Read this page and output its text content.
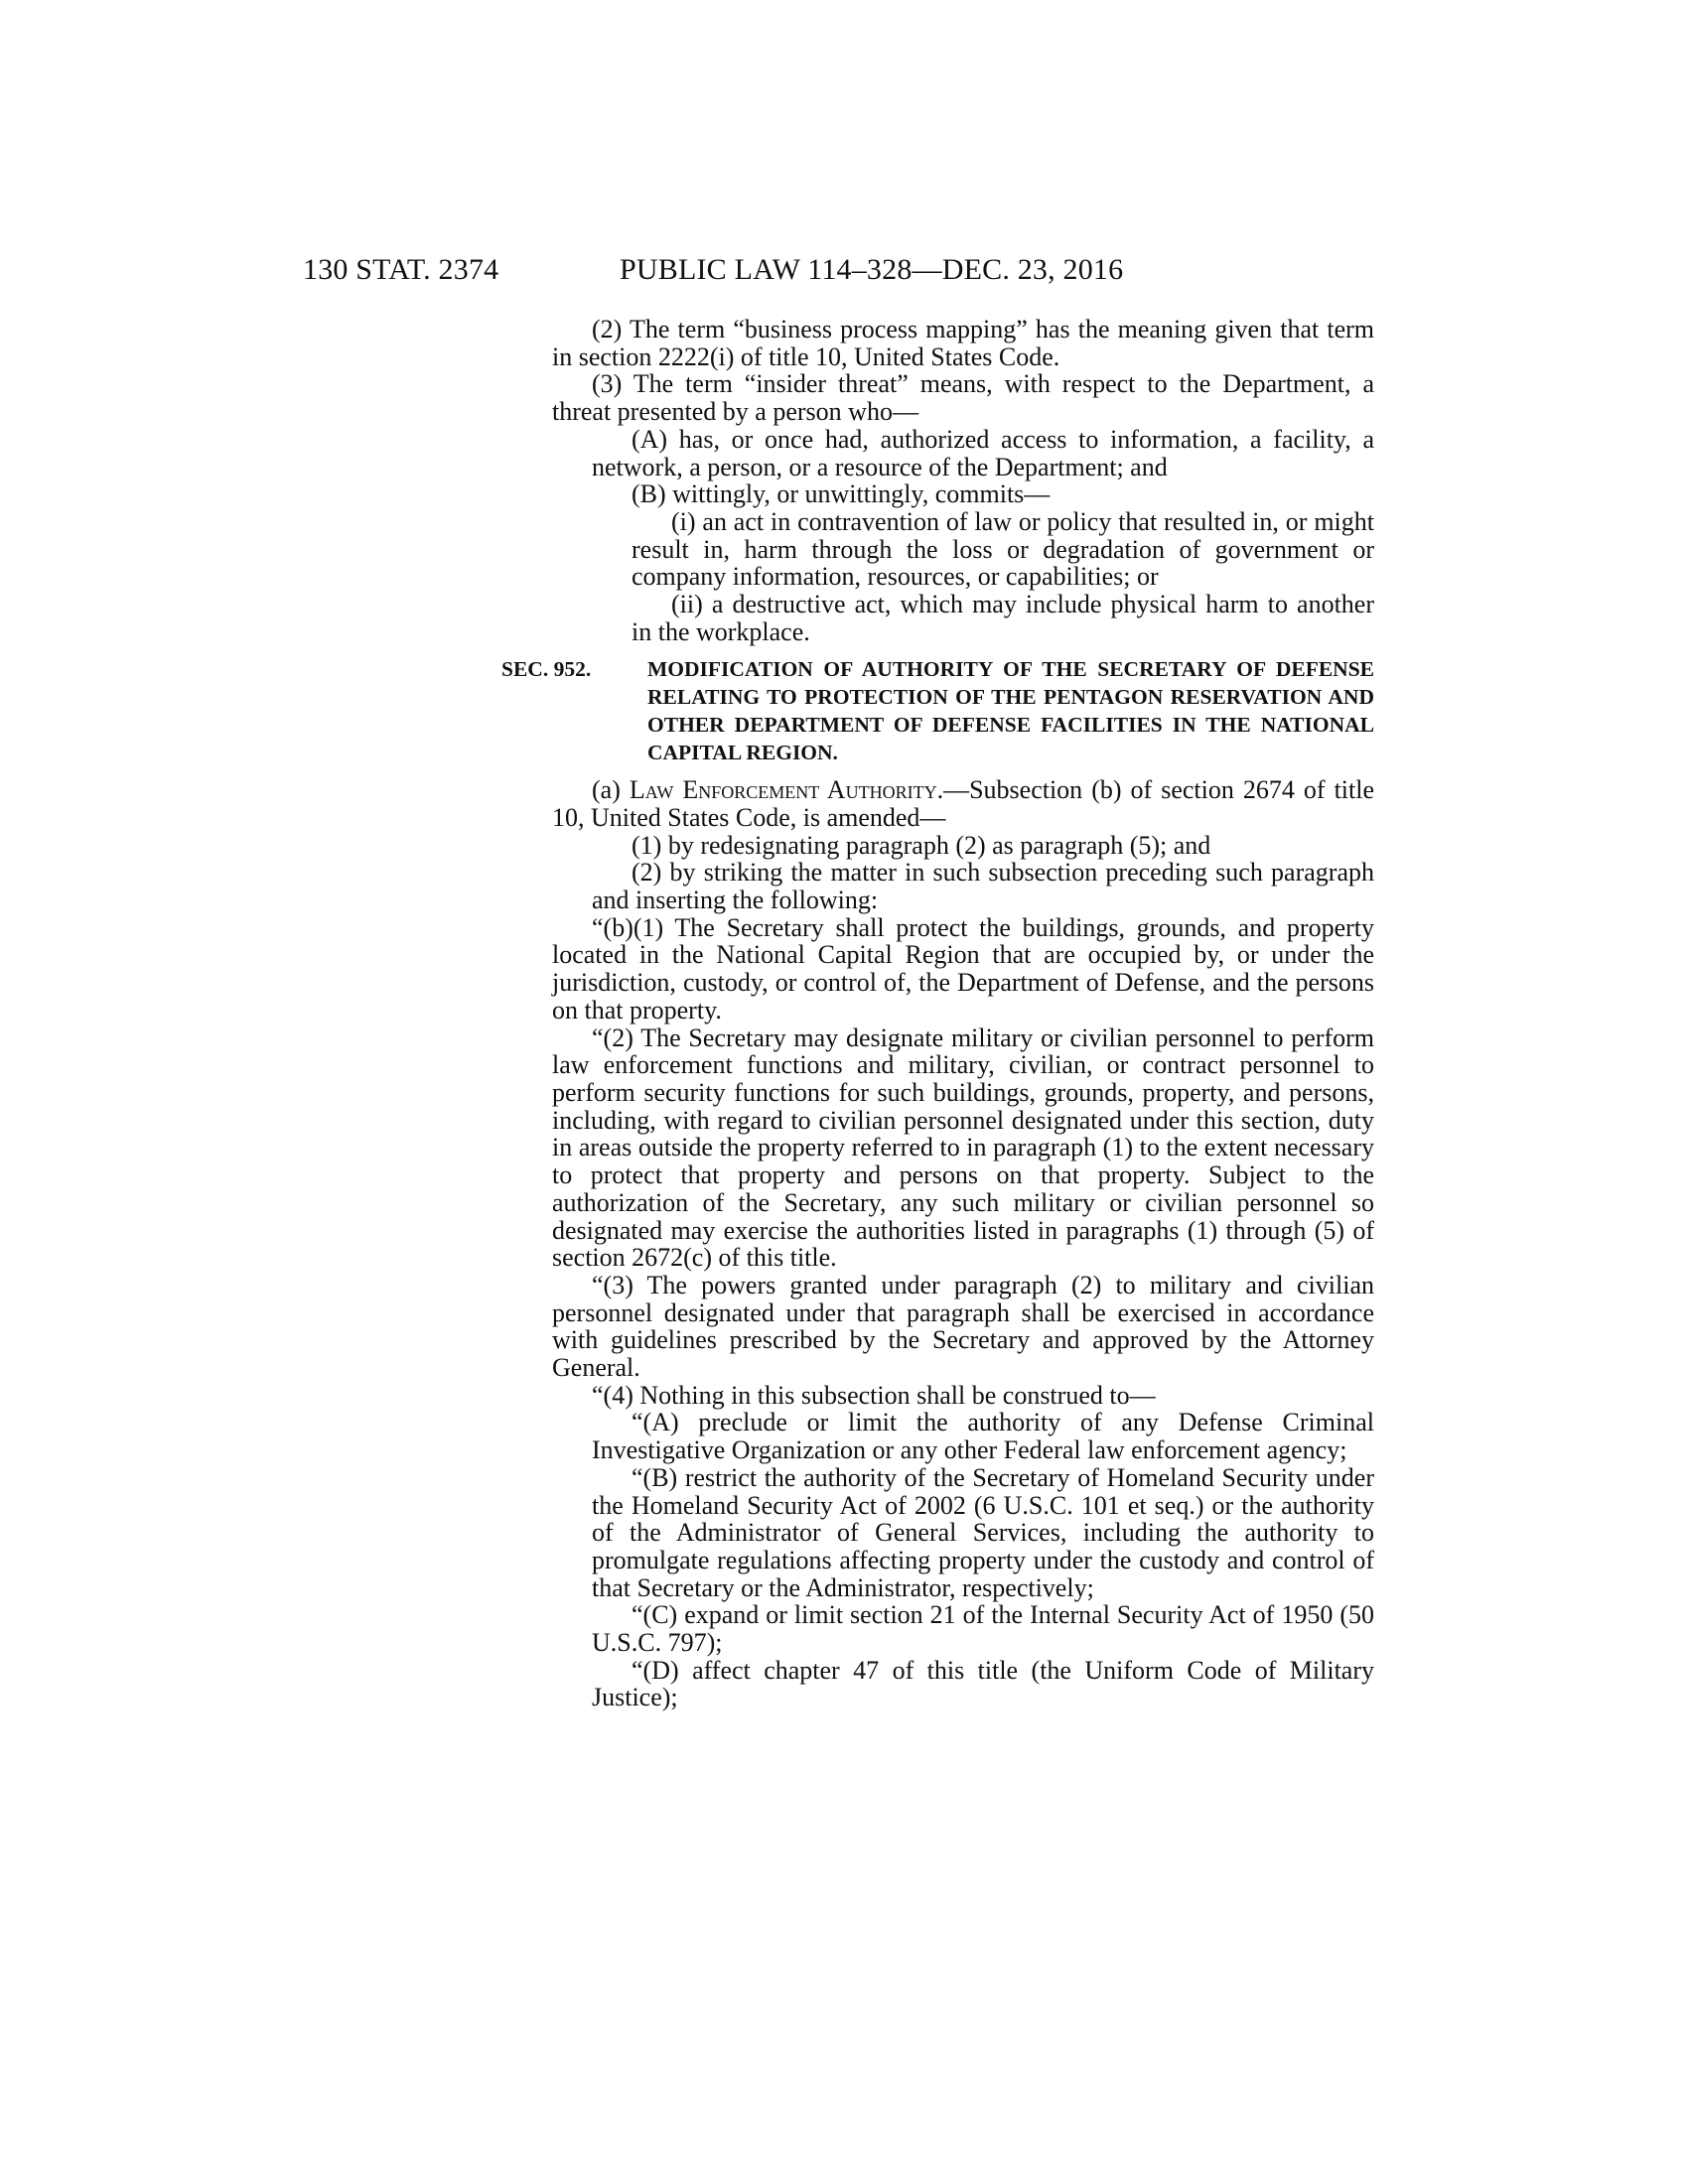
130 STAT. 2374	PUBLIC LAW 114–328—DEC. 23, 2016

(2) The term “business process mapping” has the meaning given that term in section 2222(i) of title 10, United States Code.

(3) The term “insider threat” means, with respect to the Department, a threat presented by a person who—

(A) has, or once had, authorized access to information, a facility, a network, a person, or a resource of the Department; and

(B) wittingly, or unwittingly, commits—

(i) an act in contravention of law or policy that resulted in, or might result in, harm through the loss or degradation of government or company information, resources, or capabilities; or

(ii) a destructive act, which may include physical harm to another in the workplace.

SEC. 952.	MODIFICATION OF AUTHORITY OF THE SECRETARY OF DEFENSE RELATING TO PROTECTION OF THE PENTAGON RESERVATION AND OTHER DEPARTMENT OF DEFENSE FACILITIES IN THE NATIONAL CAPITAL REGION.

(a) Law Enforcement Authority.—Subsection (b) of section 2674 of title 10, United States Code, is amended—

(1) by redesignating paragraph (2) as paragraph (5); and

(2) by striking the matter in such subsection preceding such paragraph and inserting the following:

“(b)(1) The Secretary shall protect the buildings, grounds, and property located in the National Capital Region that are occupied by, or under the jurisdiction, custody, or control of, the Department of Defense, and the persons on that property.

“(2) The Secretary may designate military or civilian personnel to perform law enforcement functions and military, civilian, or contract personnel to perform security functions for such buildings, grounds, property, and persons, including, with regard to civilian personnel designated under this section, duty in areas outside the property referred to in paragraph (1) to the extent necessary to protect that property and persons on that property. Subject to the authorization of the Secretary, any such military or civilian personnel so designated may exercise the authorities listed in paragraphs (1) through (5) of section 2672(c) of this title.

“(3) The powers granted under paragraph (2) to military and civilian personnel designated under that paragraph shall be exercised in accordance with guidelines prescribed by the Secretary and approved by the Attorney General.

“(4) Nothing in this subsection shall be construed to—

“(A) preclude or limit the authority of any Defense Criminal Investigative Organization or any other Federal law enforcement agency;

“(B) restrict the authority of the Secretary of Homeland Security under the Homeland Security Act of 2002 (6 U.S.C. 101 et seq.) or the authority of the Administrator of General Services, including the authority to promulgate regulations affecting property under the custody and control of that Secretary or the Administrator, respectively;

“(C) expand or limit section 21 of the Internal Security Act of 1950 (50 U.S.C. 797);

“(D) affect chapter 47 of this title (the Uniform Code of Military Justice);
